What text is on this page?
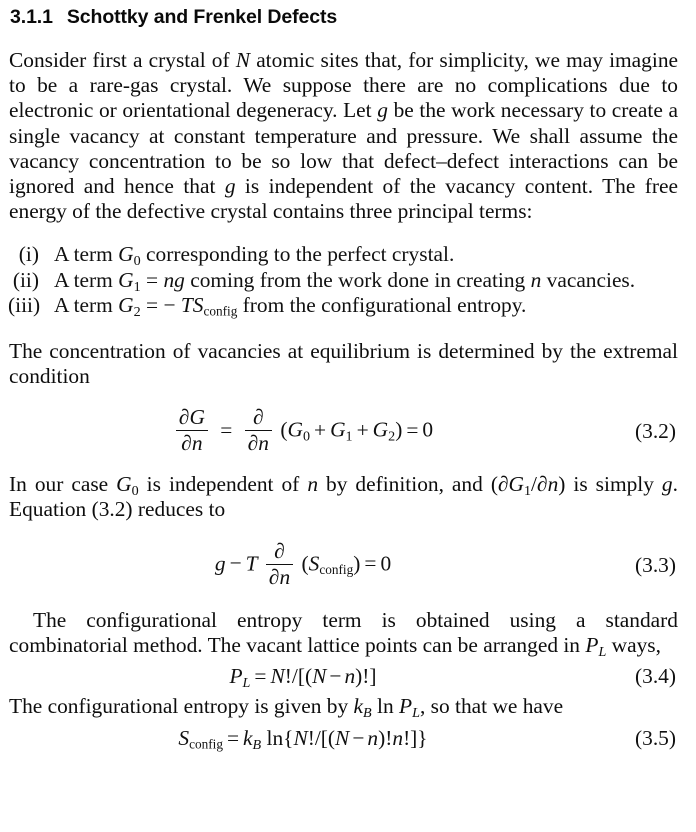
3.1.1 Schottky and Frenkel Defects

Consider first a crystal of N atomic sites that, for simplicity, we may imagine to be a rare-gas crystal. We suppose there are no complications due to electronic or orientational degeneracy. Let g be the work necessary to create a single vacancy at constant temperature and pressure. We shall assume the vacancy concentration to be so low that defect–defect interactions can be ignored and hence that g is independent of the vacancy content. The free energy of the defective crystal contains three principal terms:

(i) A term $G_0$ corresponding to the perfect crystal.
(ii) A term $G_1$ = ng coming from the work done in creating n vacancies.
(iii) A term $G_2$ = − TSconfig from the configurational entropy.

The concentration of vacancies at equilibrium is determined by the extremal condition

$\frac{\partial G}{\partial n} = \frac{\partial}{\partial n} (G_0 + G_1 + G_2) = 0$	(3.2)

In our case $G_0$ is independent of n by definition, and $(\partial G_1/\partial n)$ is simply g. Equation (3.2) reduces to

g − T $\frac{\partial}{\partial n}$ (Sconfig) = 0	(3.3)

The configurational entropy term is obtained using a standard combinatorial method. The vacant lattice points can be arranged in $P_L$ ways,

$P_L = N!/[(N - n)!]$	(3.4)

The configurational entropy is given by $k_B$ $\ln P_L$, so that we have

Sconfig = $k_B$ ln{N!/[(N − n)!n!]}	(3.5)
